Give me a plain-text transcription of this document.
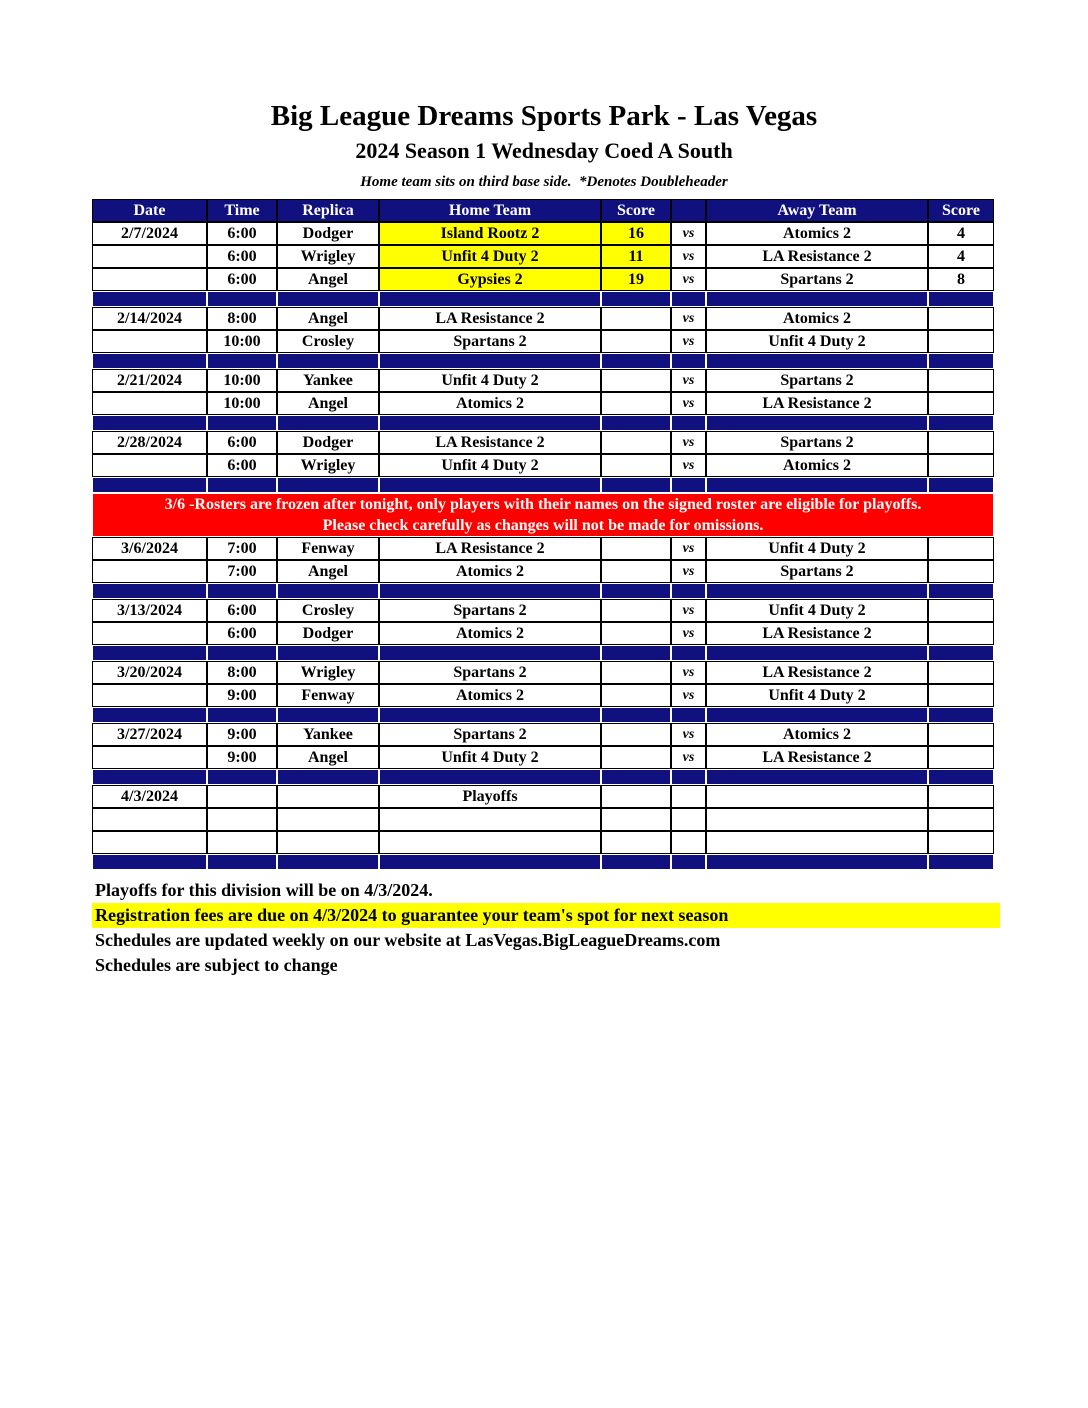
Big League Dreams Sports Park - Las Vegas
2024 Season 1 Wednesday Coed A South
Home team sits on third base side.  *Denotes Doubleheader
Date	Time	Replica	Home Team	Score		Away Team	Score
2/7/2024	6:00	Dodger	Island Rootz 2	16	vs	Atomics 2	4
	6:00	Wrigley	Unfit 4 Duty 2	11	vs	LA Resistance 2	4
	6:00	Angel	Gypsies 2	19	vs	Spartans 2	8

2/14/2024	8:00	Angel	LA Resistance 2		vs	Atomics 2	
	10:00	Crosley	Spartans 2		vs	Unfit 4 Duty 2	

2/21/2024	10:00	Yankee	Unfit 4 Duty 2		vs	Spartans 2	
	10:00	Angel	Atomics 2		vs	LA Resistance 2	

2/28/2024	6:00	Dodger	LA Resistance 2		vs	Spartans 2	
	6:00	Wrigley	Unfit 4 Duty 2		vs	Atomics 2	

3/6 -Rosters are frozen after tonight, only players with their names on the signed roster are eligible for playoffs.
Please check carefully as changes will not be made for omissions.							

3/6/2024	7:00	Fenway	LA Resistance 2		vs	Unfit 4 Duty 2	
	7:00	Angel	Atomics 2		vs	Spartans 2	

3/13/2024	6:00	Crosley	Spartans 2		vs	Unfit 4 Duty 2	
	6:00	Dodger	Atomics 2		vs	LA Resistance 2	

3/20/2024	8:00	Wrigley	Spartans 2		vs	LA Resistance 2	
	9:00	Fenway	Atomics 2		vs	Unfit 4 Duty 2	

3/27/2024	9:00	Yankee	Spartans 2		vs	Atomics 2	
	9:00	Angel	Unfit 4 Duty 2		vs	LA Resistance 2	

4/3/2024			Playoffs				

Playoffs for this division will be on 4/3/2024.
Registration fees are due on 4/3/2024 to guarantee your team's spot for next season
Schedules are updated weekly on our website at LasVegas.BigLeagueDreams.com
Schedules are subject to change
